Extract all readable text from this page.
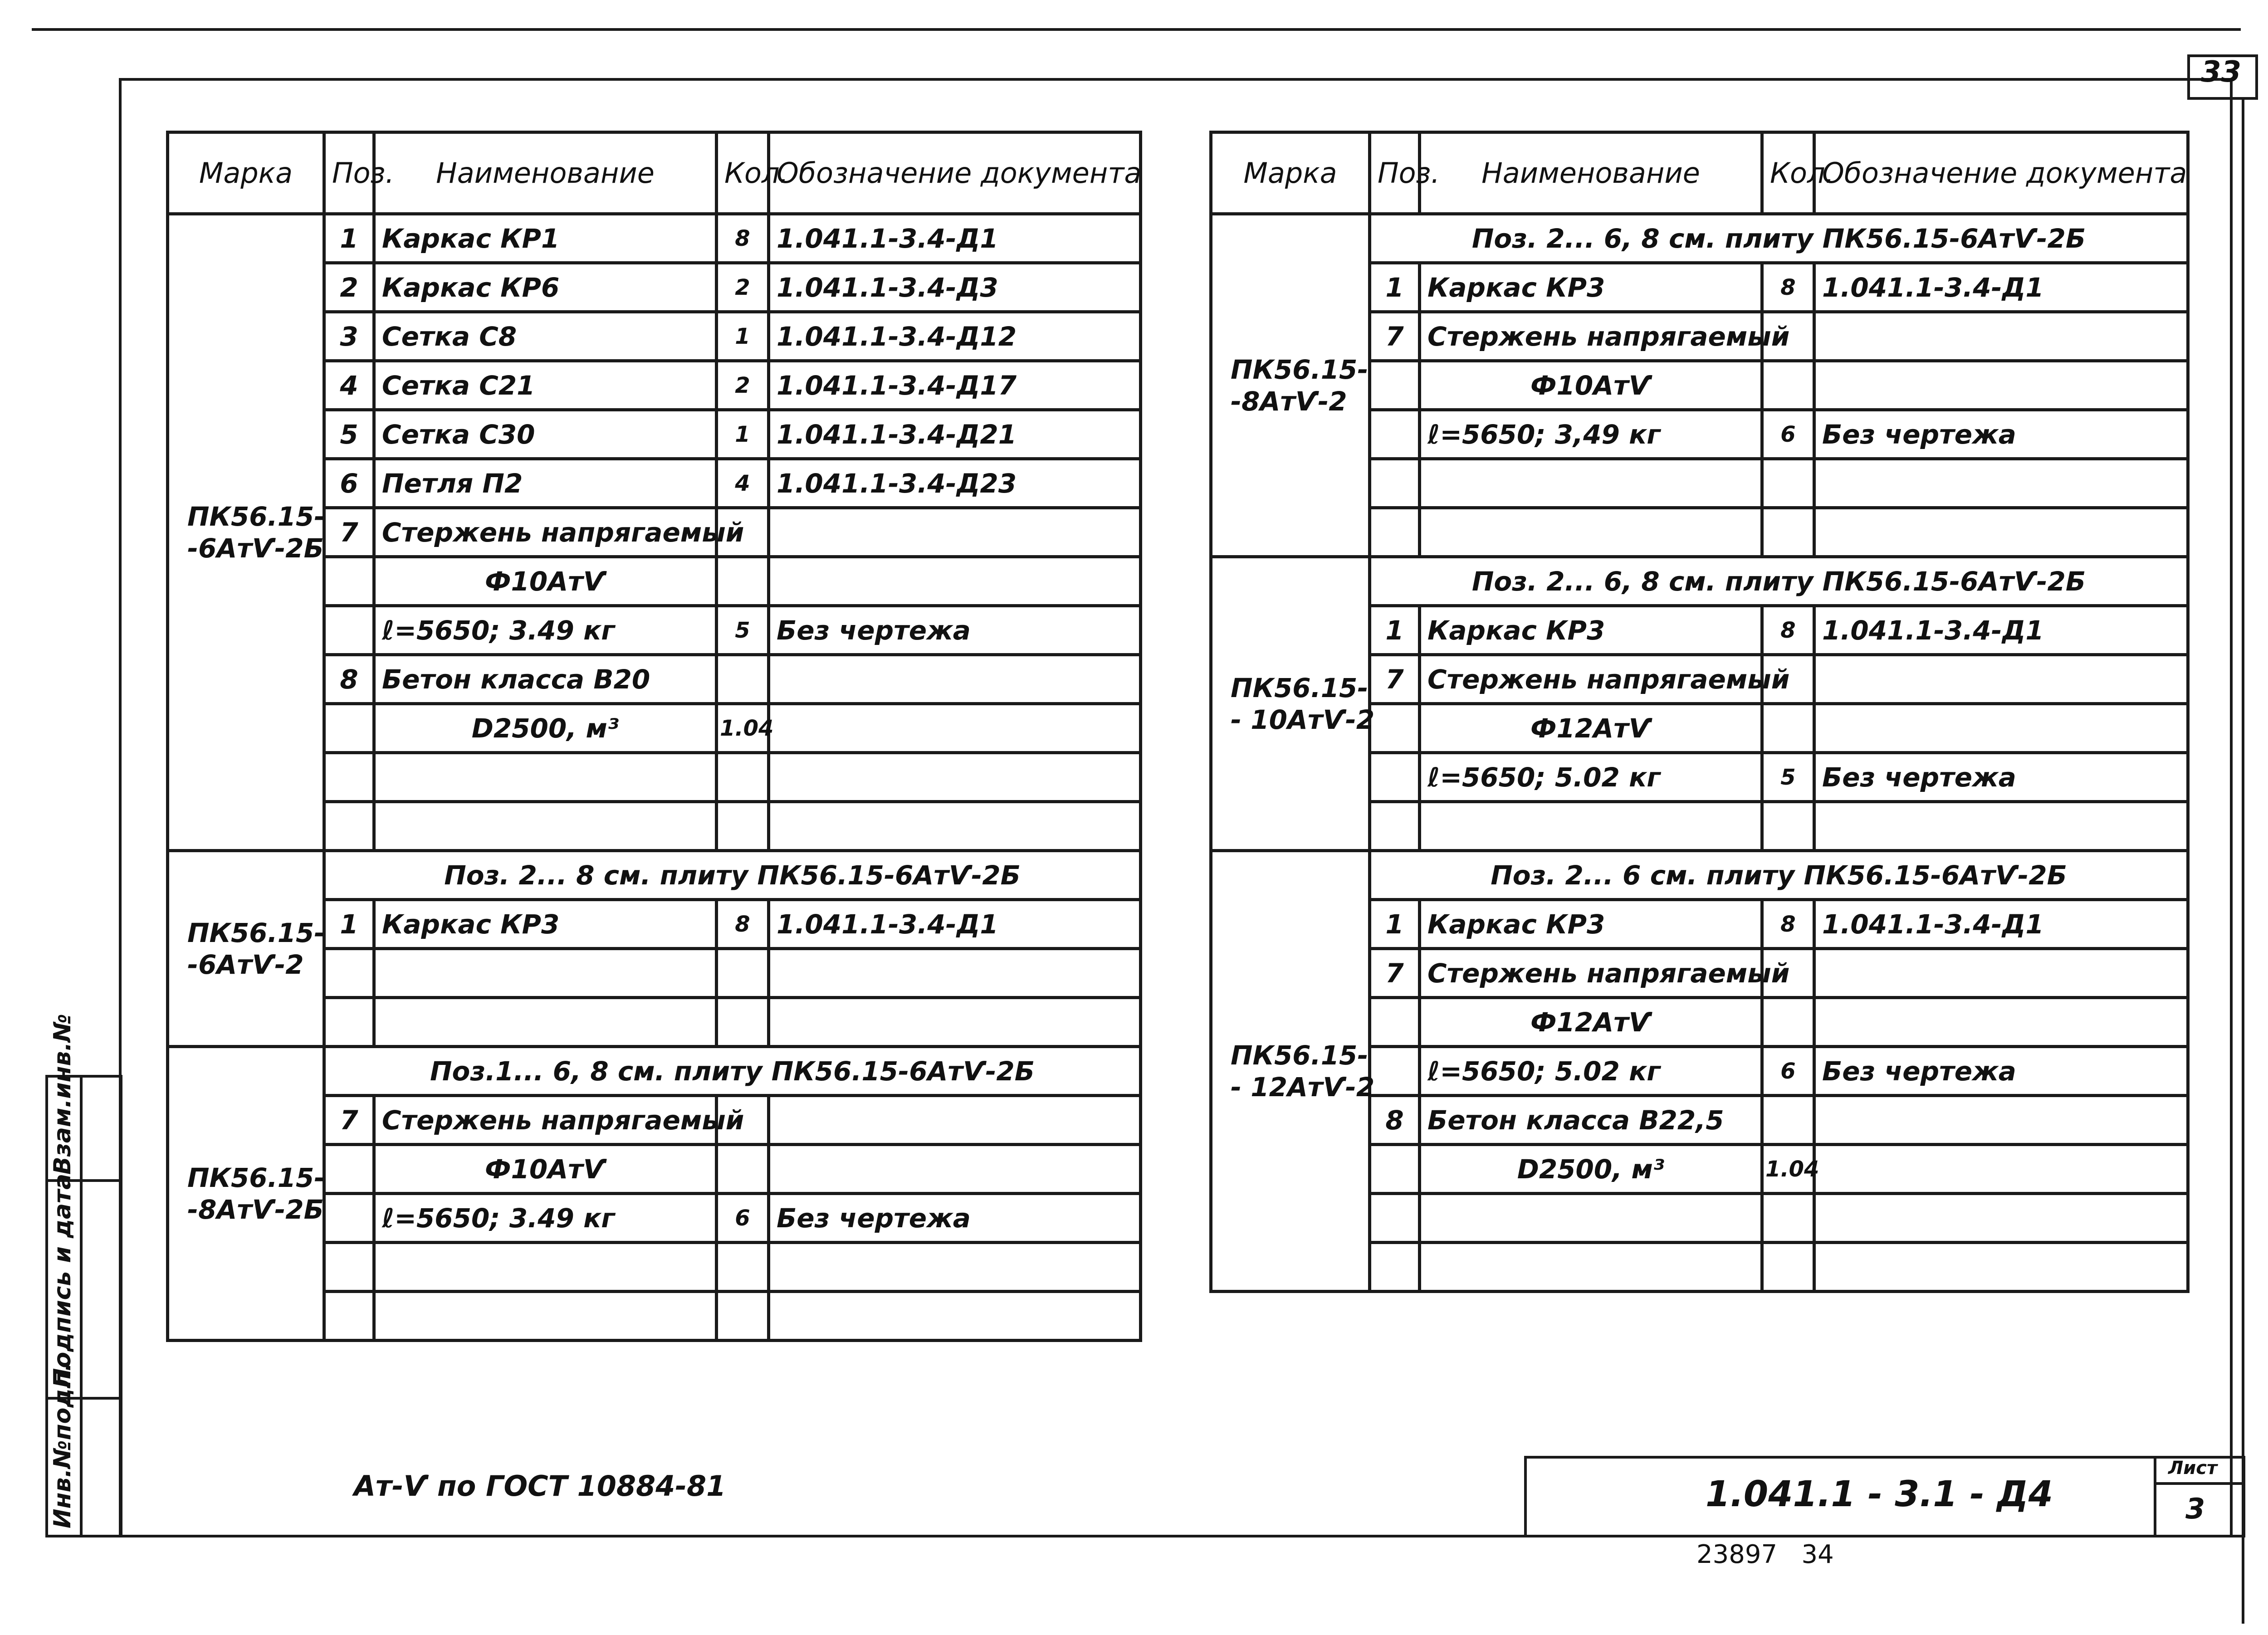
33
Инв.№подл.
Подпись и дата
Взам.инв.№
Марка	Поз.	Наименование	Кол.	Обозначение документа
ПК56.15-
-6АтѴ-2Б	1	Каркас КР1	8	1.041.1-3.4-Д1
	2	Каркас КР6	2	1.041.1-3.4-Д3
	3	Сетка С8	1	1.041.1-3.4-Д12
	4	Сетка С21	2	1.041.1-3.4-Д17
	5	Сетка С30	1	1.041.1-3.4-Д21
	6	Петля П2	4	1.041.1-3.4-Д23
	7	Стержень напрягаемый		
		Ф10АтѴ		
		ℓ=5650; 3.49 кг	5	Без чертежа
	8	Бетон класса В20		
		D2500, м³	1.04	

ПК56.15-
-6АтѴ-2	Поз. 2... 8 см. плиту ПК56.15-6АтѴ-2Б			
	1	Каркас КР3	8	1.041.1-3.4-Д1

ПК56.15-
-8АтѴ-2Б	Поз.1... 6, 8 см. плиту ПК56.15-6АтѴ-2Б			
	7	Стержень напрягаемый		
		Ф10АтѴ		
		ℓ=5650; 3.49 кг	6	Без чертежа

Марка	Поз.	Наименование	Кол.	Обозначение документа
ПК56.15-
-8АтѴ-2	Поз. 2... 6, 8 см. плиту ПК56.15-6АтѴ-2Б			
	1	Каркас КР3	8	1.041.1-3.4-Д1
	7	Стержень напрягаемый		
		Ф10АтѴ		
		ℓ=5650; 3,49 кг	6	Без чертежа

ПК56.15-
- 10АтѴ-2	Поз. 2... 6, 8 см. плиту ПК56.15-6АтѴ-2Б			
	1	Каркас КР3	8	1.041.1-3.4-Д1
	7	Стержень напрягаемый		
		Ф12АтѴ		
		ℓ=5650; 5.02 кг	5	Без чертежа

ПК56.15-
- 12АтѴ-2	Поз. 2... 6 см. плиту ПК56.15-6АтѴ-2Б			
	1	Каркас КР3	8	1.041.1-3.4-Д1
	7	Стержень напрягаемый		
		Ф12АтѴ		
		ℓ=5650; 5.02 кг	6	Без чертежа
	8	Бетон класса В22,5		
		D2500, м³	1.04	

Ат-Ѵ по ГОСТ 10884-81	1.041.1 - 3.1 - Д4
Лист
3
23897   34
